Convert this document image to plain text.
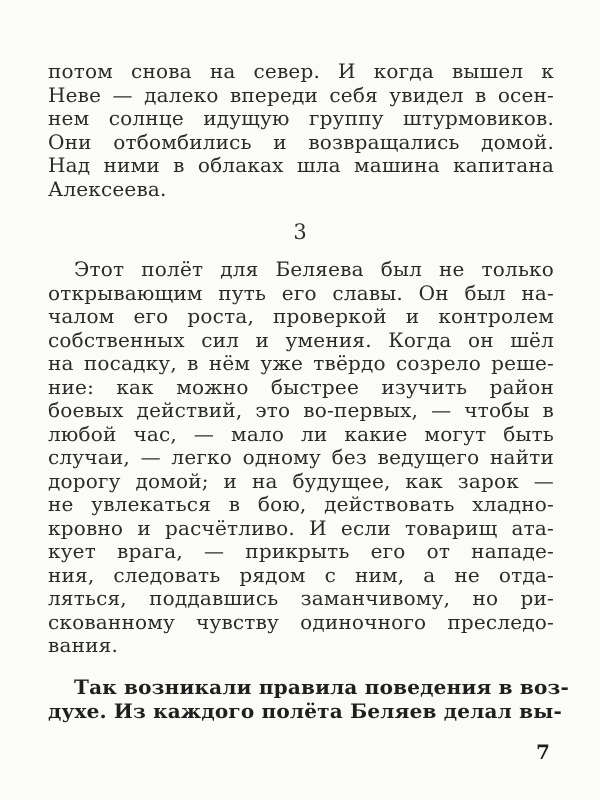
потом снова на север. И когда вышел к
Неве — далеко впереди себя увидел в осен-
нем солнце идущую группу штурмовиков.
Они отбомбились и возвращались домой.
Над ними в облаках шла машина капитана
Алексеева.
3
Этот полёт для Беляева был не только
открывающим путь его славы. Он был на-
чалом его роста, проверкой и контролем
собственных сил и умения. Когда он шёл
на посадку, в нём уже твёрдо созрело реше-
ние: как можно быстрее изучить район
боевых действий, это во-первых, — чтобы в
любой час, — мало ли какие могут быть
случаи, — легко одному без ведущего найти
дорогу домой; и на будущее, как зарок —
не увлекаться в бою, действовать хладно-
кровно и расчётливо. И если товарищ ата-
кует врага, — прикрыть его от нападе-
ния, следовать рядом с ним, а не отда-
ляться, поддавшись заманчивому, но ри-
скованному чувству одиночного преследо-
вания.
Так возникали правила поведения в воз-
духе. Из каждого полёта Беляев делал вы-
7
